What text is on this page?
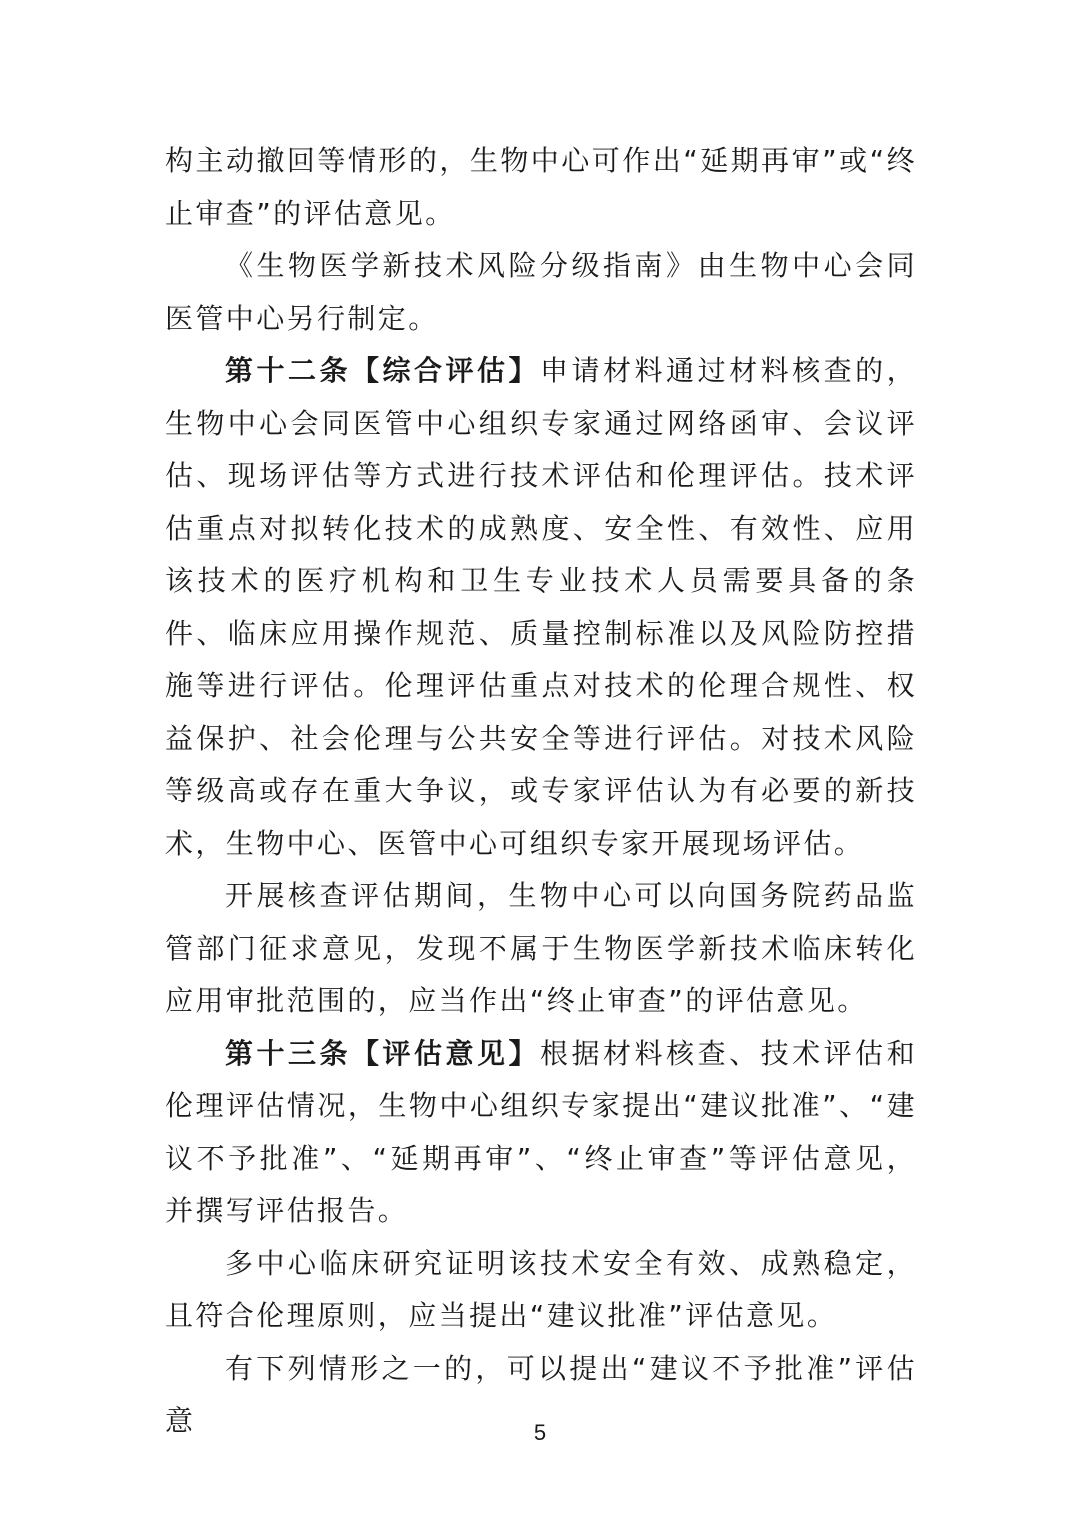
构主动撤回等情形的，生物中心可作出“延期再审”或“终止审查”的评估意见。

《生物医学新技术风险分级指南》由生物中心会同医管中心另行制定。

第十二条【综合评估】申请材料通过材料核查的，生物中心会同医管中心组织专家通过网络函审、会议评估、现场评估等方式进行技术评估和伦理评估。技术评估重点对拟转化技术的成熟度、安全性、有效性、应用该技术的医疗机构和卫生专业技术人员需要具备的条件、临床应用操作规范、质量控制标准以及风险防控措施等进行评估。伦理评估重点对技术的伦理合规性、权益保护、社会伦理与公共安全等进行评估。对技术风险等级高或存在重大争议，或专家评估认为有必要的新技术，生物中心、医管中心可组织专家开展现场评估。

开展核查评估期间，生物中心可以向国务院药品监管部门征求意见，发现不属于生物医学新技术临床转化应用审批范围的，应当作出“终止审查”的评估意见。

第十三条【评估意见】根据材料核查、技术评估和伦理评估情况，生物中心组织专家提出“建议批准”、“建议不予批准”、“延期再审”、“终止审查”等评估意见，并撰写评估报告。

多中心临床研究证明该技术安全有效、成熟稳定，且符合伦理原则，应当提出“建议批准”评估意见。

有下列情形之一的，可以提出“建议不予批准”评估意	5
